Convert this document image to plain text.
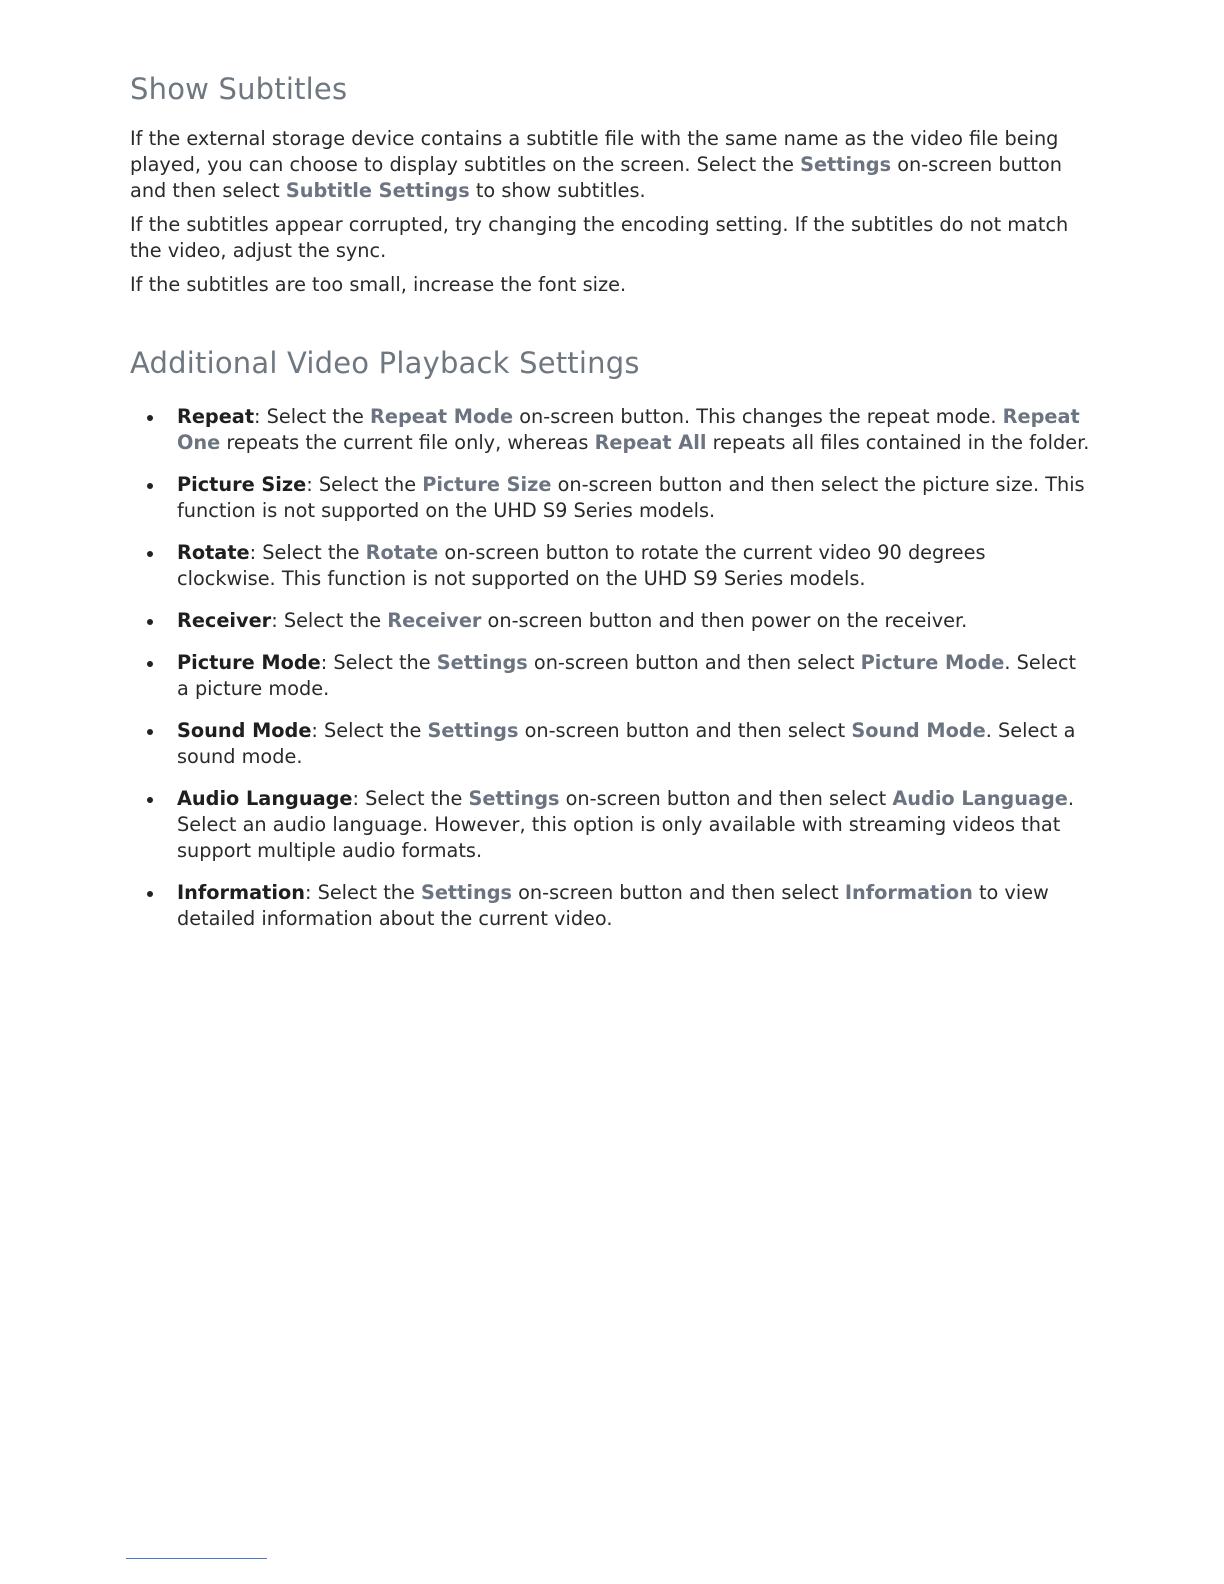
Show Subtitles

If the external storage device contains a subtitle file with the same name as the video file being played, you can choose to display subtitles on the screen. Select the Settings on-screen button and then select Subtitle Settings to show subtitles.

If the subtitles appear corrupted, try changing the encoding setting. If the subtitles do not match the video, adjust the sync.

If the subtitles are too small, increase the font size.

Additional Video Playback Settings
Repeat: Select the Repeat Mode on-screen button. This changes the repeat mode. Repeat One repeats the current file only, whereas Repeat All repeats all files contained in the folder.
Picture Size: Select the Picture Size on-screen button and then select the picture size. This function is not supported on the UHD S9 Series models.
Rotate: Select the Rotate on-screen button to rotate the current video 90 degrees clockwise. This function is not supported on the UHD S9 Series models.
Receiver: Select the Receiver on-screen button and then power on the receiver.
Picture Mode: Select the Settings on-screen button and then select Picture Mode. Select a picture mode.
Sound Mode: Select the Settings on-screen button and then select Sound Mode. Select a sound mode.
Audio Language: Select the Settings on-screen button and then select Audio Language. Select an audio language. However, this option is only available with streaming videos that support multiple audio formats.
Information: Select the Settings on-screen button and then select Information to view detailed information about the current video.
